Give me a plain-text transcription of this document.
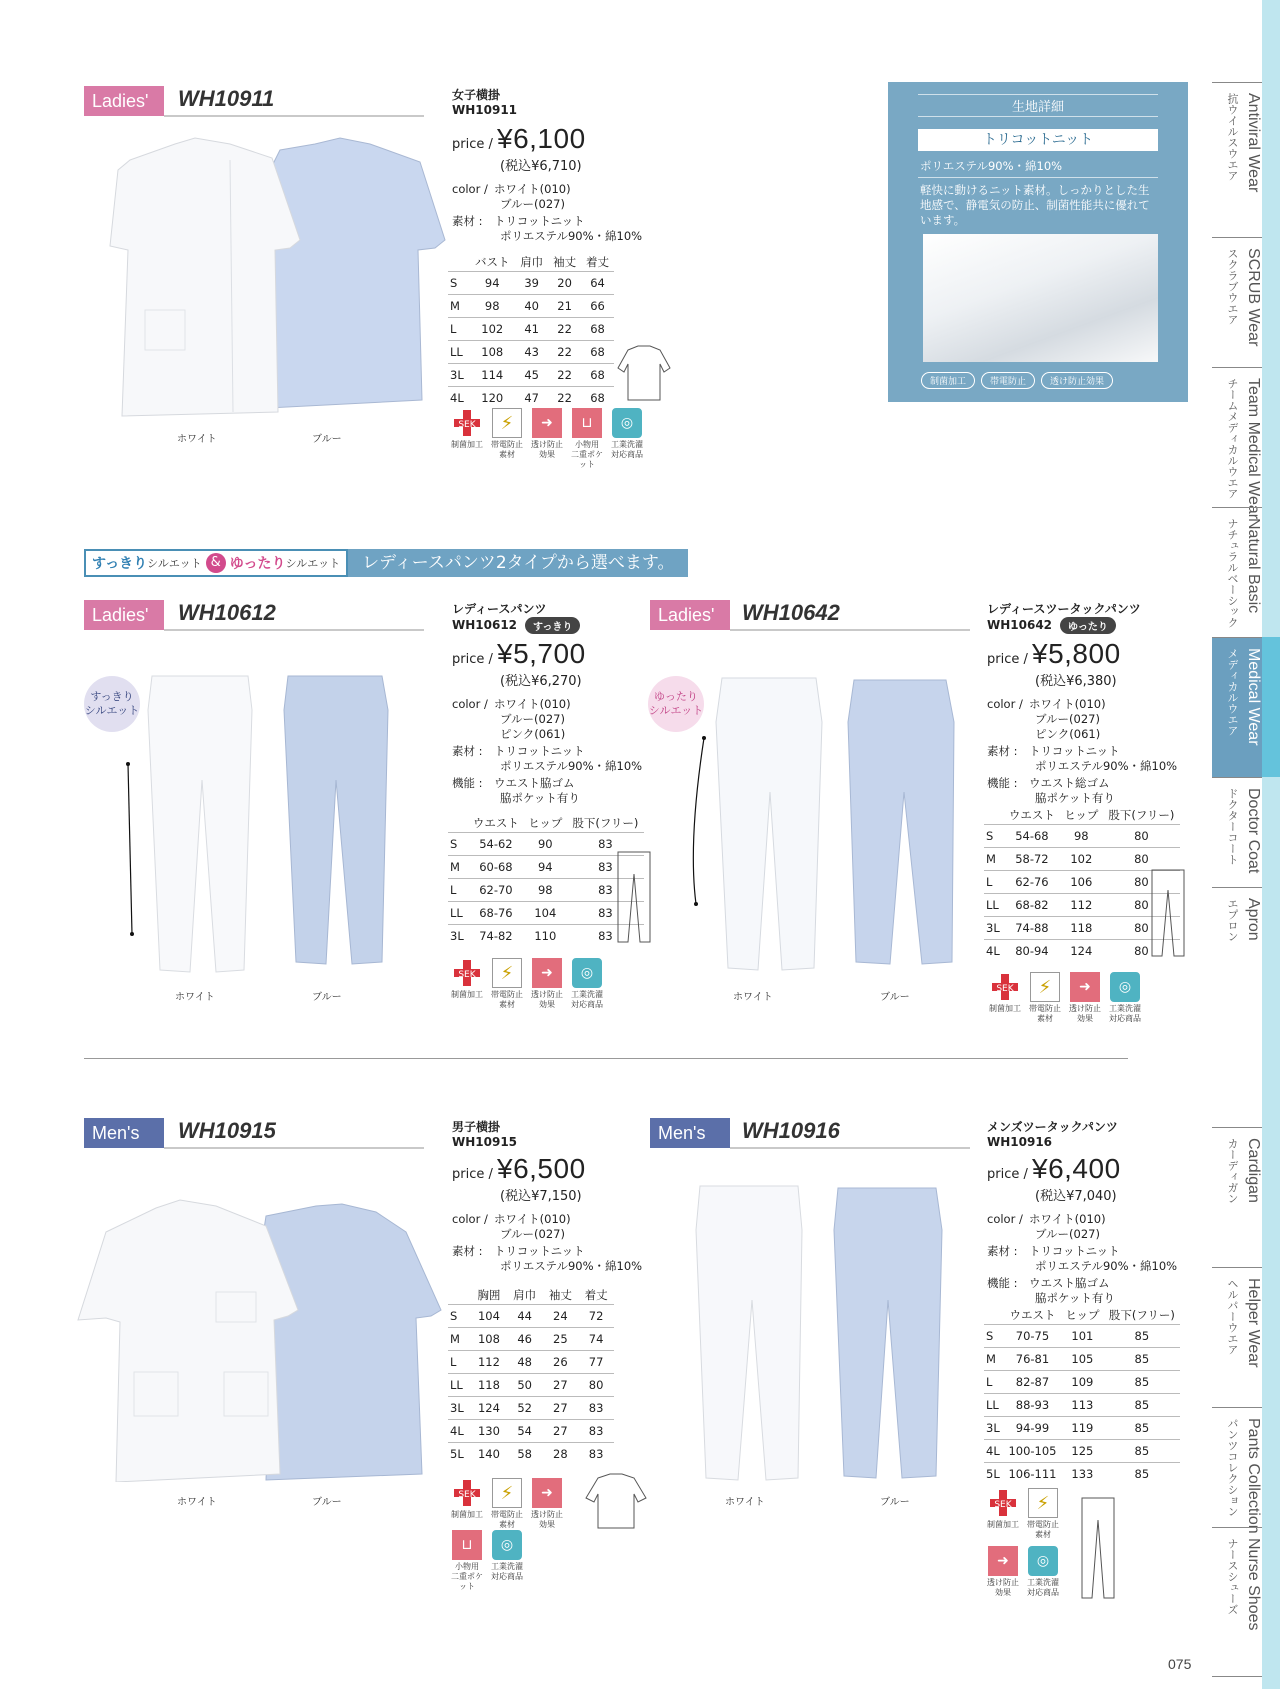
Antiviral Wear
抗ウイルスウエア
SCRUB Wear
スクラブウエア
Team Medical Wear
チームメディカルウエア
Natural Basic
ナチュラルベーシック
Medical Wear
メディカルウエア
Doctor Coat
ドクターコート
Apron
エプロン
Cardigan
カーディガン
Helper Wear
ヘルパーウエア
Pants Collection
パンツコレクション
Nurse Shoes
ナースシューズ
Ladies'	WH10911
ホワイト	ブルー
女子横掛
WH10911
price / ¥6,100
(税込¥6,710)
color /ホワイト(010)
ブルー(027)
素材 : トリコットニット
ポリエステル90%・綿10%
	バスト	肩巾	袖丈	着丈
S	94	39	20	64
M	98	40	21	66
L	102	41	22	68
LL	108	43	22	68
3L	114	45	22	68
4L	120	47	22	68
SEK
制菌加工
⚡
帯電防止素材
➜
透け防止効果
⊔
小物用
二重ポケット
◎
工業洗濯
対応商品
生地詳細
トリコットニット
ポリエステル90%・綿10%
軽快に動けるニット素材。しっかりとした生地感で、静電気の防止、制菌性能共に優れています。
制菌加工	帯電防止	透け防止効果
すっきり シルエット & ゆったり シルエット	レディースパンツ2タイプから選べます。
Ladies'	WH10612
すっきり
シルエット
ホワイト	ブルー
レディースパンツ
WH10612 すっきり
price / ¥5,700
(税込¥6,270)
color /ホワイト(010)
ブルー(027)
ピンク(061)
素材 : トリコットニット
ポリエステル90%・綿10%
機能 : ウエスト脇ゴム
脇ポケット有り
	ウエスト	ヒップ	股下(フリー)
S	54-62	90	83
M	60-68	94	83
L	62-70	98	83
LL	68-76	104	83
3L	74-82	110	83
SEK
制菌加工
⚡
帯電防止素材
➜
透け防止効果
◎
工業洗濯
対応商品
Ladies'	WH10642
ゆったり
シルエット
ホワイト	ブルー
レディースツータックパンツ
WH10642 ゆったり
price / ¥5,800
(税込¥6,380)
color /ホワイト(010)
ブルー(027)
ピンク(061)
素材 : トリコットニット
ポリエステル90%・綿10%
機能 : ウエスト総ゴム
脇ポケット有り
	ウエスト	ヒップ	股下(フリー)
S	54-68	98	80
M	58-72	102	80
L	62-76	106	80
LL	68-82	112	80
3L	74-88	118	80
4L	80-94	124	80
SEK
制菌加工
⚡
帯電防止素材
➜
透け防止効果
◎
工業洗濯
対応商品
Men's	WH10915
ホワイト	ブルー
男子横掛
WH10915
price / ¥6,500
(税込¥7,150)
color /ホワイト(010)
ブルー(027)
素材 : トリコットニット
ポリエステル90%・綿10%
	胸囲	肩巾	袖丈	着丈
S	104	44	24	72
M	108	46	25	74
L	112	48	26	77
LL	118	50	27	80
3L	124	52	27	83
4L	130	54	27	83
5L	140	58	28	83
SEK
制菌加工
⚡
帯電防止素材
➜
透け防止効果
⊔
小物用
二重ポケット
◎
工業洗濯
対応商品
Men's	WH10916
ホワイト	ブルー
メンズツータックパンツ
WH10916
price / ¥6,400
(税込¥7,040)
color /ホワイト(010)
ブルー(027)
素材 : トリコットニット
ポリエステル90%・綿10%
機能 : ウエスト脇ゴム
脇ポケット有り
	ウエスト	ヒップ	股下(フリー)
S	70-75	101	85
M	76-81	105	85
L	82-87	109	85
LL	88-93	113	85
3L	94-99	119	85
4L	100-105	125	85
5L	106-111	133	85
SEK
制菌加工
⚡
帯電防止素材
➜
透け防止効果
◎
工業洗濯
対応商品
075
